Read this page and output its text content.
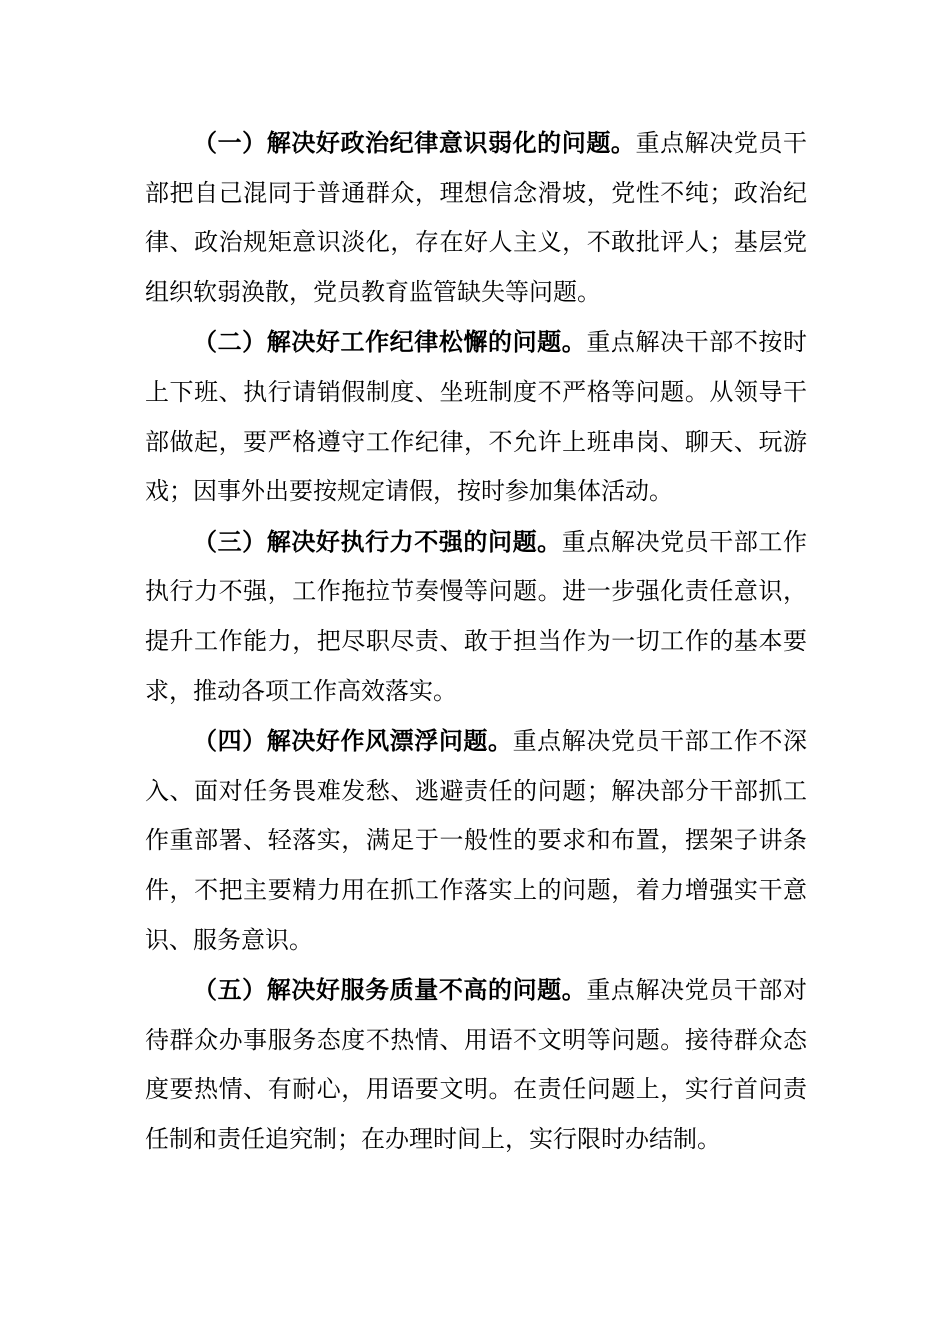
（一）解决好政治纪律意识弱化的问题。重点解决党员干部把自己混同于普通群众，理想信念滑坡，党性不纯；政治纪律、政治规矩意识淡化，存在好人主义，不敢批评人；基层党组织软弱涣散，党员教育监管缺失等问题。

（二）解决好工作纪律松懈的问题。重点解决干部不按时上下班、执行请销假制度、坐班制度不严格等问题。从领导干部做起，要严格遵守工作纪律，不允许上班串岗、聊天、玩游戏；因事外出要按规定请假，按时参加集体活动。

（三）解决好执行力不强的问题。重点解决党员干部工作执行力不强，工作拖拉节奏慢等问题。进一步强化责任意识，提升工作能力，把尽职尽责、敢于担当作为一切工作的基本要求，推动各项工作高效落实。

（四）解决好作风漂浮问题。重点解决党员干部工作不深入、面对任务畏难发愁、逃避责任的问题；解决部分干部抓工作重部署、轻落实，满足于一般性的要求和布置，摆架子讲条件，不把主要精力用在抓工作落实上的问题，着力增强实干意识、服务意识。

（五）解决好服务质量不高的问题。重点解决党员干部对待群众办事服务态度不热情、用语不文明等问题。接待群众态度要热情、有耐心，用语要文明。在责任问题上，实行首问责任制和责任追究制；在办理时间上，实行限时办结制。
